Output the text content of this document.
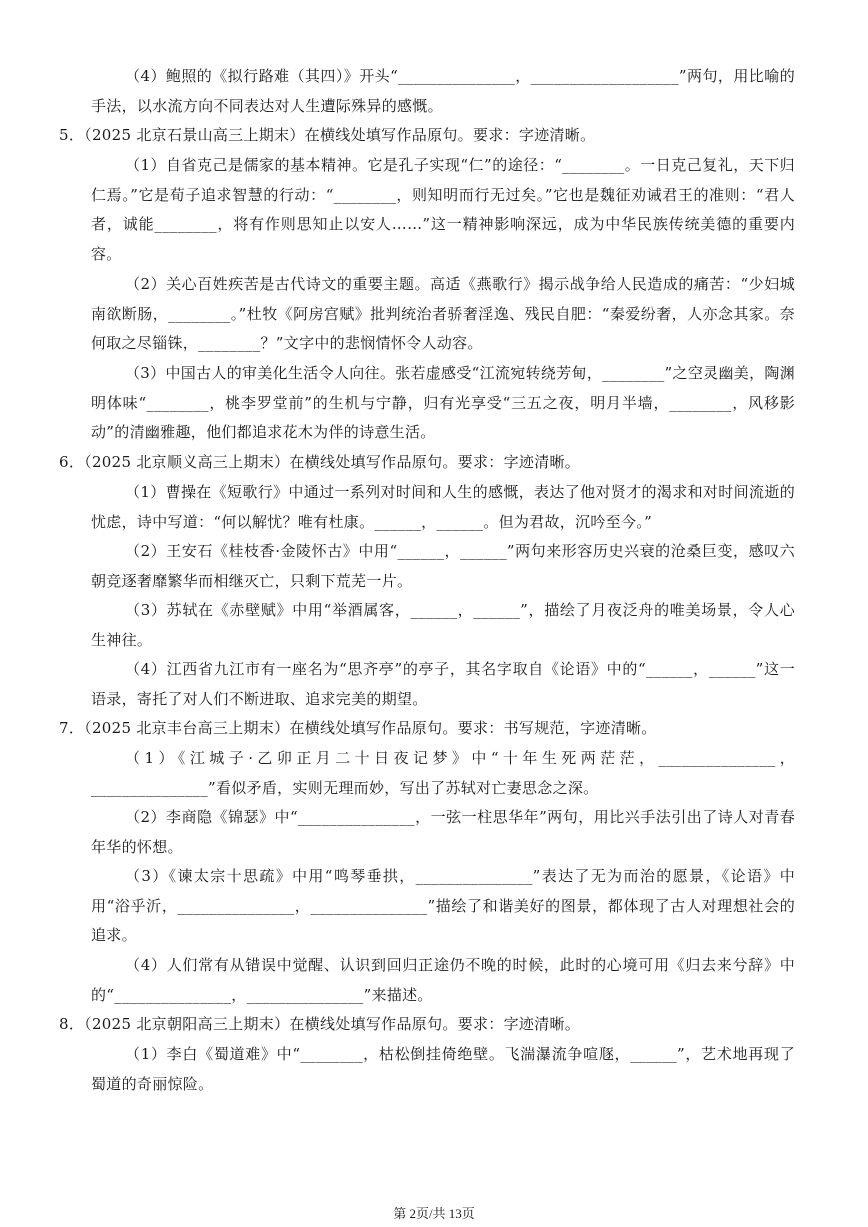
（4）鲍照的《拟行路难（其四）》开头“_______________，___________________”两句，用比喻的手法，以水流方向不同表达对人生遭际殊异的感慨。

5．（2025 北京石景山高三上期末）在横线处填写作品原句。要求：字迹清晰。

（1）自省克己是儒家的基本精神。它是孔子实现“仁”的途径：“________。一日克己复礼，天下归仁焉。”它是荀子追求智慧的行动：“________，则知明而行无过矣。”它也是魏征劝诫君王的准则：“君人者，诚能________，将有作则思知止以安人……”这一精神影响深远，成为中华民族传统美德的重要内容。

（2）关心百姓疾苦是古代诗文的重要主题。高适《燕歌行》揭示战争给人民造成的痛苦：“少妇城南欲断肠，________。”杜牧《阿房宫赋》批判统治者骄奢淫逸、残民自肥：“秦爱纷奢，人亦念其家。奈何取之尽锱铢，________？”文字中的悲悯情怀令人动容。

（3）中国古人的审美化生活令人向往。张若虚感受“江流宛转绕芳甸，________”之空灵幽美，陶渊明体味“________，桃李罗堂前”的生机与宁静，归有光享受“三五之夜，明月半墙，________，风移影动”的清幽雅趣，他们都追求花木为伴的诗意生活。

6．（2025 北京顺义高三上期末）在横线处填写作品原句。要求：字迹清晰。

（1）曹操在《短歌行》中通过一系列对时间和人生的感慨，表达了他对贤才的渴求和对时间流逝的忧虑，诗中写道：“何以解忧？唯有杜康。______，______。但为君故，沉吟至今。”

（2）王安石《桂枝香·金陵怀古》中用“______，______”两句来形容历史兴衰的沧桑巨变，感叹六朝竞逐奢靡繁华而相继灭亡，只剩下荒芜一片。

（3）苏轼在《赤壁赋》中用“举酒属客，______，______”，描绘了月夜泛舟的唯美场景，令人心生神往。

（4）江西省九江市有一座名为“思齐亭”的亭子，其名字取自《论语》中的“______，______”这一语录，寄托了对人们不断进取、追求完美的期望。

7．（2025 北京丰台高三上期末）在横线处填写作品原句。要求：书写规范，字迹清晰。

（1）《江城子·乙卯正月二十日夜记梦》中“十年生死两茫茫，_______________，_______________”看似矛盾，实则无理而妙，写出了苏轼对亡妻思念之深。

（2）李商隐《锦瑟》中“_______________，一弦一柱思华年”两句，用比兴手法引出了诗人对青春年华的怀想。

（3）《谏太宗十思疏》中用“鸣琴垂拱，_______________”表达了无为而治的愿景，《论语》中用“浴乎沂，_______________，_______________”描绘了和谐美好的图景，都体现了古人对理想社会的追求。

（4）人们常有从错误中觉醒、认识到回归正途仍不晚的时候，此时的心境可用《归去来兮辞》中的“_______________，_______________”来描述。

8．（2025 北京朝阳高三上期末）在横线处填写作品原句。要求：字迹清晰。

（1）李白《蜀道难》中“________，枯松倒挂倚绝壁。飞湍瀑流争喧豗，______”，艺术地再现了蜀道的奇丽惊险。

第 2页/共 13页
